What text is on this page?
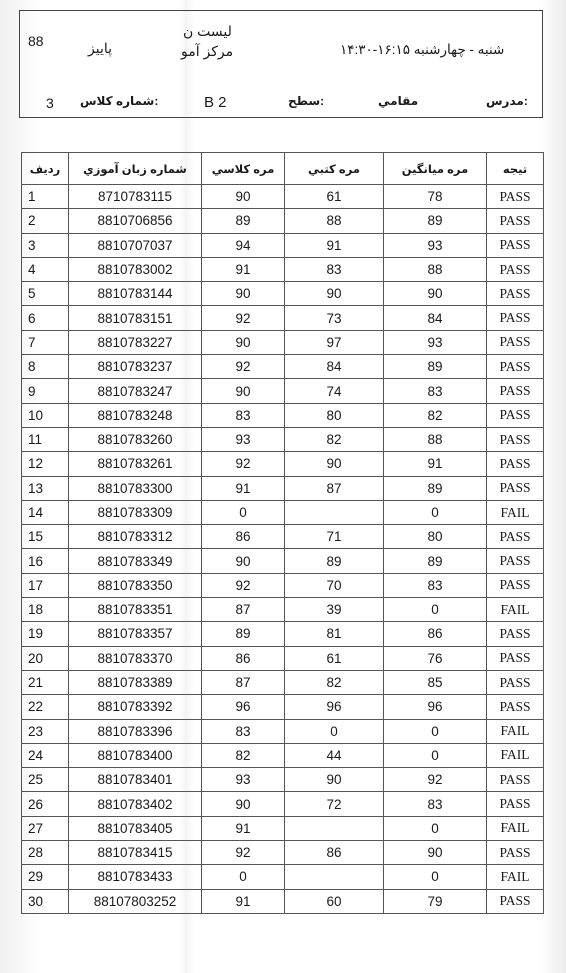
پاييز
88
لیست ن
مرکز آمو	شنبه - چهارشنبه ۱۶:۱۵-۱۴:۳۰
3 شماره کلاس:	B 2	سطح:	مقامي	مدرس:
رديف	شماره زبان آموزي	مره کلاسي	مره کتبي	مره ميانگين	تيجه
1	8710783115	90	61	78	PASS
2	8810706856	89	88	89	PASS
3	8810707037	94	91	93	PASS
4	8810783002	91	83	88	PASS
5	8810783144	90	90	90	PASS
6	8810783151	92	73	84	PASS
7	8810783227	90	97	93	PASS
8	8810783237	92	84	89	PASS
9	8810783247	90	74	83	PASS
10	8810783248	83	80	82	PASS
11	8810783260	93	82	88	PASS
12	8810783261	92	90	91	PASS
13	8810783300	91	87	89	PASS
14	8810783309	0		0	FAIL
15	8810783312	86	71	80	PASS
16	8810783349	90	89	89	PASS
17	8810783350	92	70	83	PASS
18	8810783351	87	39	0	FAIL
19	8810783357	89	81	86	PASS
20	8810783370	86	61	76	PASS
21	8810783389	87	82	85	PASS
22	8810783392	96	96	96	PASS
23	8810783396	83	0	0	FAIL
24	8810783400	82	44	0	FAIL
25	8810783401	93	90	92	PASS
26	8810783402	90	72	83	PASS
27	8810783405	91		0	FAIL
28	8810783415	92	86	90	PASS
29	8810783433	0		0	FAIL
30	88107803252	91	60	79	PASS
